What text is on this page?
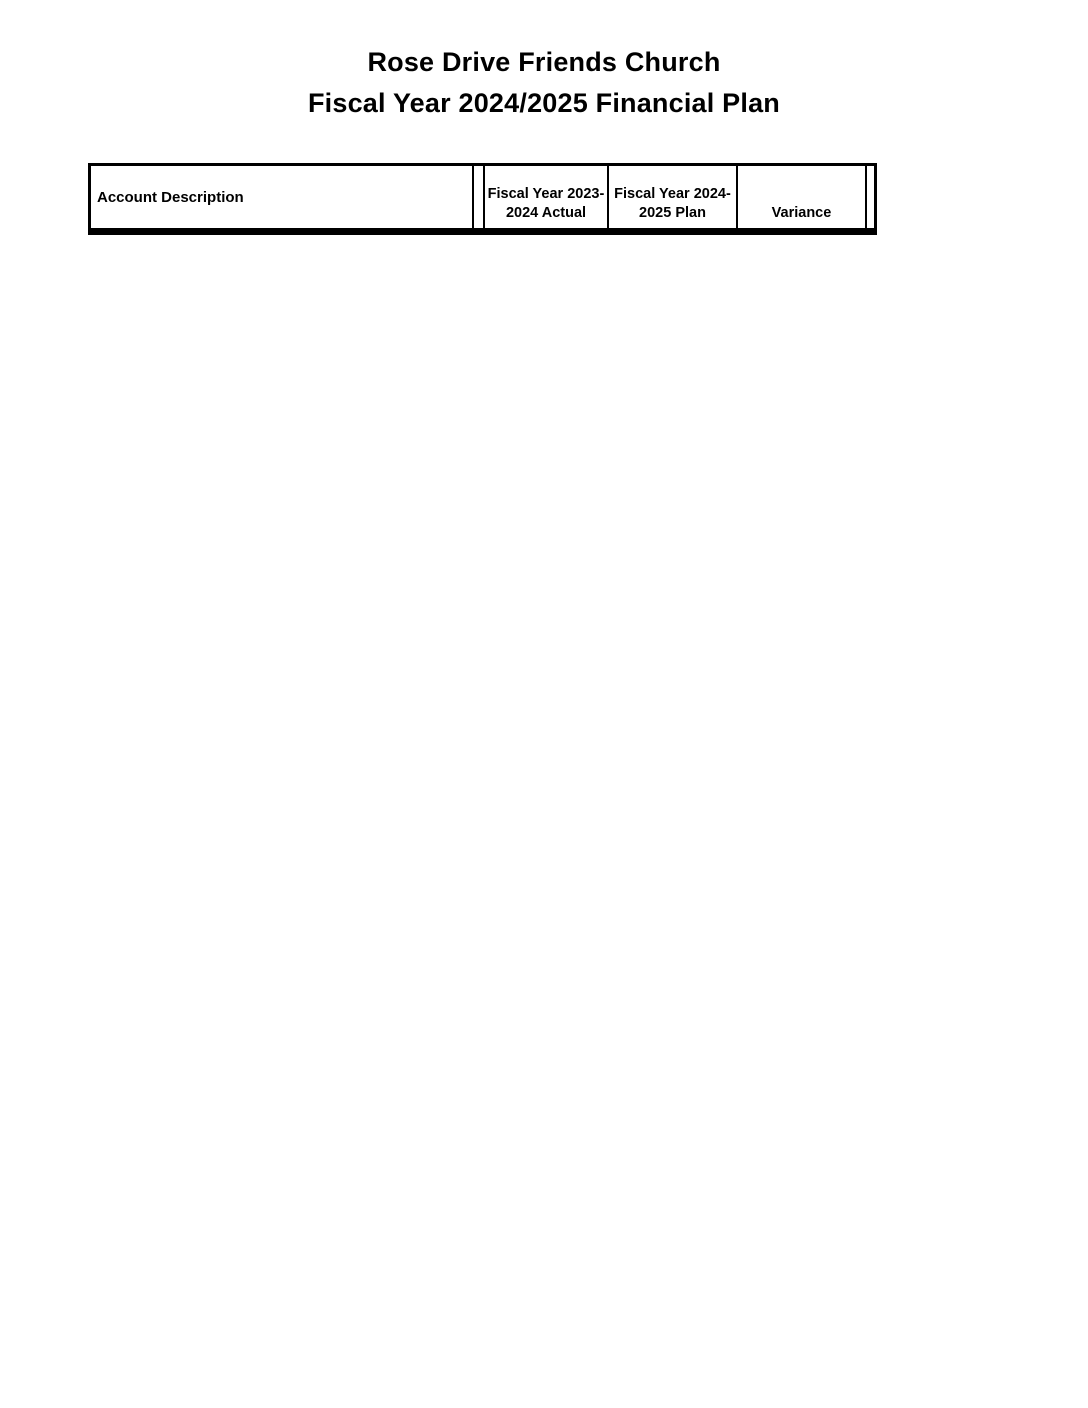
Rose Drive Friends Church
Fiscal Year 2024/2025 Financial Plan
Account Description	Fiscal Year 2023-
2024 Actual
Fiscal Year 2024-
2025 Plan	Variance
